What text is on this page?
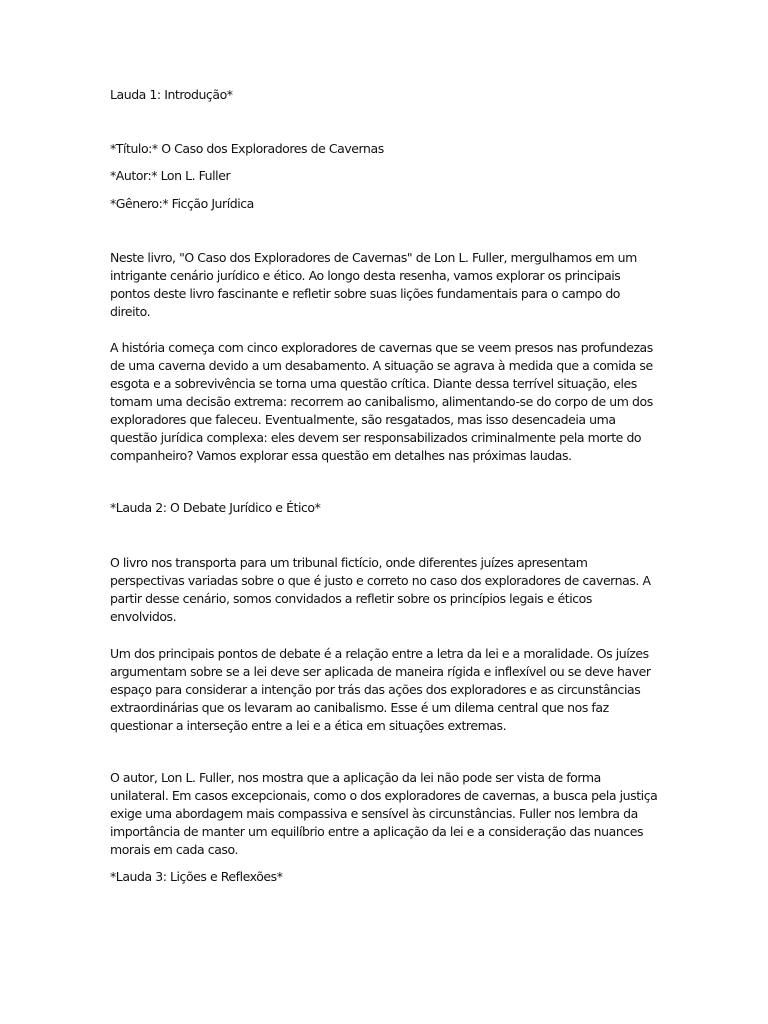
Lauda 1: Introdução*

*Título:* O Caso dos Exploradores de Cavernas

*Autor:* Lon L. Fuller

*Gênero:* Ficção Jurídica

Neste livro, "O Caso dos Exploradores de Cavernas" de Lon L. Fuller, mergulhamos em um intrigante cenário jurídico e ético. Ao longo desta resenha, vamos explorar os principais pontos deste livro fascinante e refletir sobre suas lições fundamentais para o campo do direito.

A história começa com cinco exploradores de cavernas que se veem presos nas profundezas de uma caverna devido a um desabamento. A situação se agrava à medida que a comida se esgota e a sobrevivência se torna uma questão crítica. Diante dessa terrível situação, eles tomam uma decisão extrema: recorrem ao canibalismo, alimentando-se do corpo de um dos exploradores que faleceu. Eventualmente, são resgatados, mas isso desencadeia uma questão jurídica complexa: eles devem ser responsabilizados criminalmente pela morte do companheiro? Vamos explorar essa questão em detalhes nas próximas laudas.

*Lauda 2: O Debate Jurídico e Ético*

O livro nos transporta para um tribunal fictício, onde diferentes juízes apresentam perspectivas variadas sobre o que é justo e correto no caso dos exploradores de cavernas. A partir desse cenário, somos convidados a refletir sobre os princípios legais e éticos envolvidos.

Um dos principais pontos de debate é a relação entre a letra da lei e a moralidade. Os juízes argumentam sobre se a lei deve ser aplicada de maneira rígida e inflexível ou se deve haver espaço para considerar a intenção por trás das ações dos exploradores e as circunstâncias extraordinárias que os levaram ao canibalismo. Esse é um dilema central que nos faz questionar a interseção entre a lei e a ética em situações extremas.

O autor, Lon L. Fuller, nos mostra que a aplicação da lei não pode ser vista de forma unilateral. Em casos excepcionais, como o dos exploradores de cavernas, a busca pela justiça exige uma abordagem mais compassiva e sensível às circunstâncias. Fuller nos lembra da importância de manter um equilíbrio entre a aplicação da lei e a consideração das nuances morais em cada caso.

*Lauda 3: Lições e Reflexões*
